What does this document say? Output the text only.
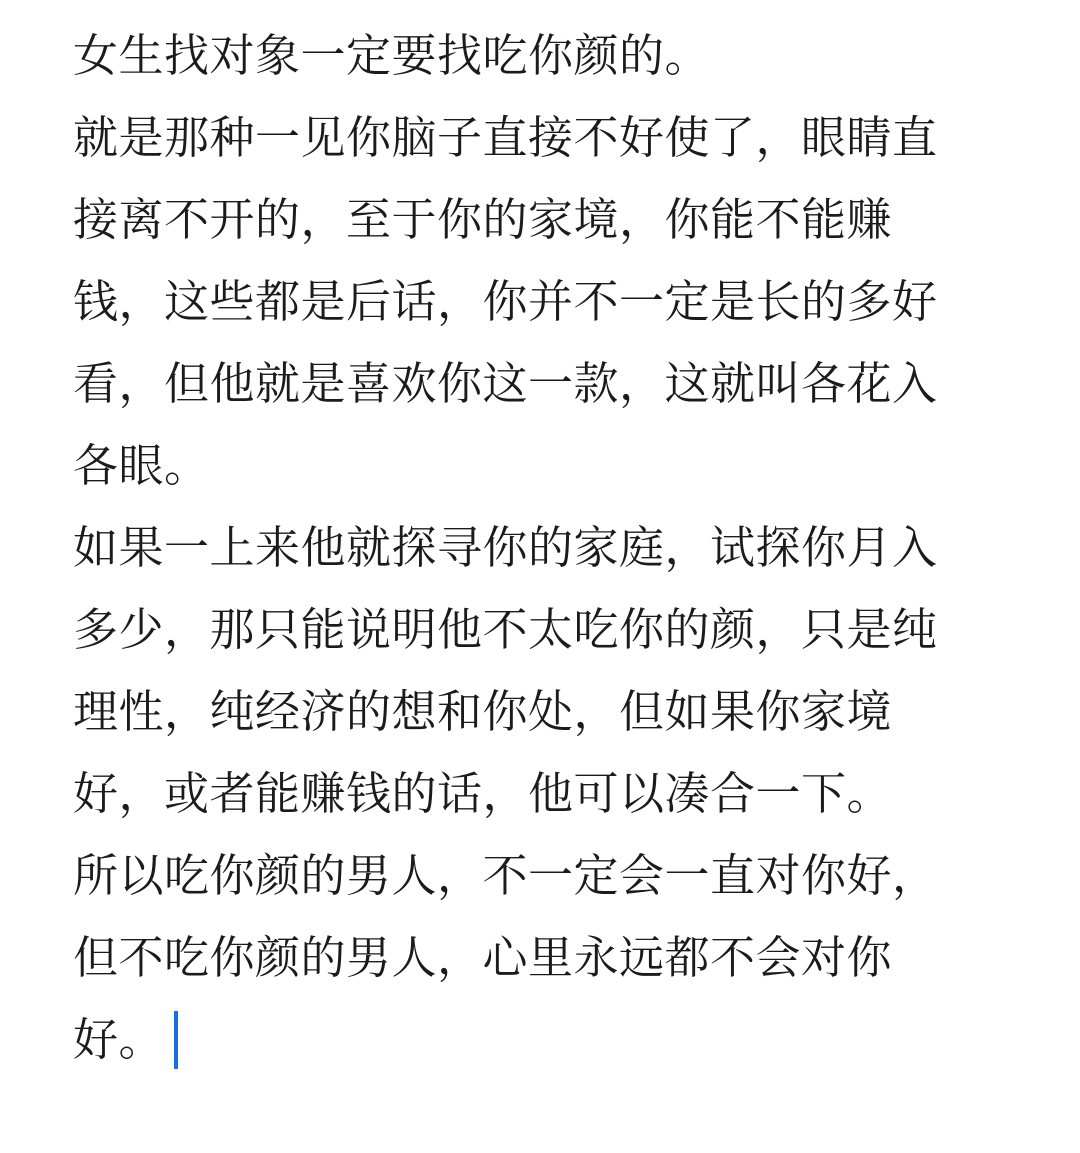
女生找对象一定要找吃你颜的。
就是那种一见你脑子直接不好使了，眼睛直
接离不开的，至于你的家境，你能不能赚
钱，这些都是后话，你并不一定是长的多好
看，但他就是喜欢你这一款，这就叫各花入
各眼。
如果一上来他就探寻你的家庭，试探你月入
多少，那只能说明他不太吃你的颜，只是纯
理性，纯经济的想和你处，但如果你家境
好，或者能赚钱的话，他可以凑合一下。
所以吃你颜的男人，不一定会一直对你好，
但不吃你颜的男人，心里永远都不会对你
好。
